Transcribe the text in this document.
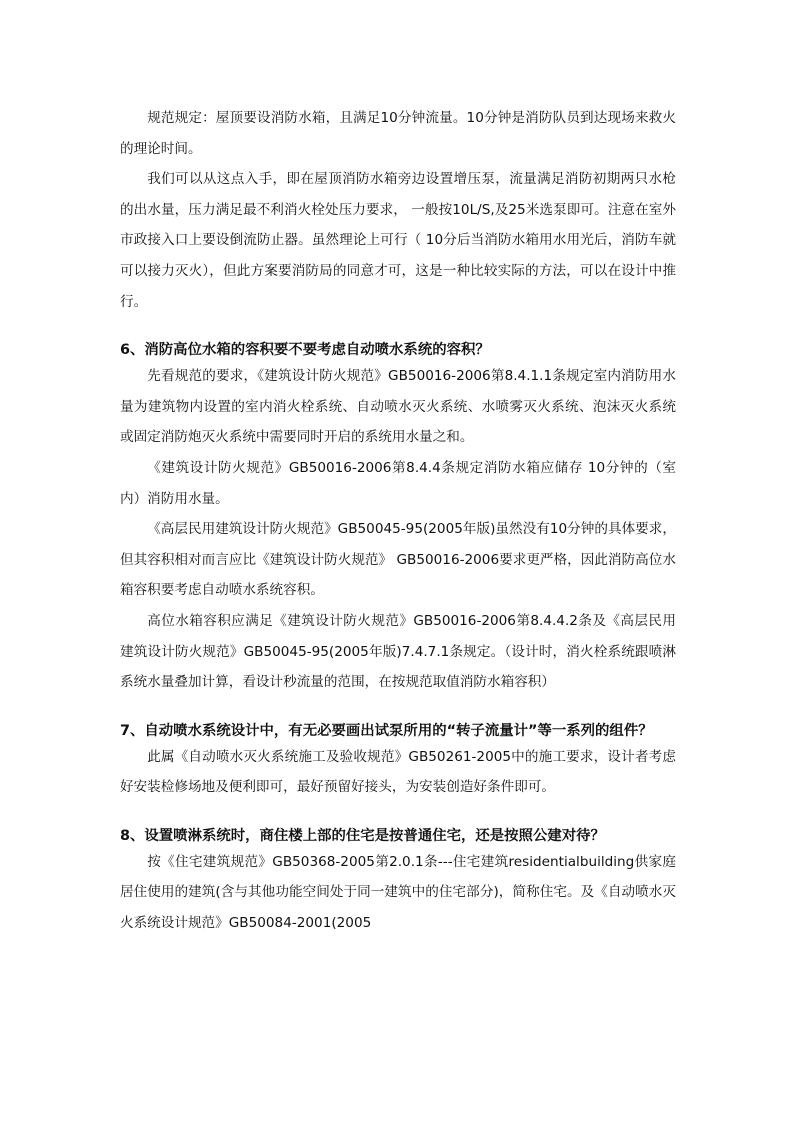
规范规定：屋顶要设消防水箱，且满足10分钟流量。10分钟是消防队员到达现场来救火的理论时间。

我们可以从这点入手，即在屋顶消防水箱旁边设置增压泵，流量满足消防初期两只水枪的出水量，压力满足最不利消火栓处压力要求， 一般按10L/S,及25米选泵即可。注意在室外市政接入口上要设倒流防止器。虽然理论上可行（ 10分后当消防水箱用水用光后，消防车就可以接力灭火），但此方案要消防局的同意才可，这是一种比较实际的方法，可以在设计中推行。

6、消防高位水箱的容积要不要考虑自动喷水系统的容积？

先看规范的要求，《建筑设计防火规范》GB50016-2006第8.4.1.1条规定室内消防用水量为建筑物内设置的室内消火栓系统、自动喷水灭火系统、水喷雾灭火系统、泡沫灭火系统或固定消防炮灭火系统中需要同时开启的系统用水量之和。

《建筑设计防火规范》GB50016-2006第8.4.4条规定消防水箱应储存 10分钟的（室内）消防用水量。

《高层民用建筑设计防火规范》GB50045-95(2005年版)虽然没有10分钟的具体要求，但其容积相对而言应比《建筑设计防火规范》 GB50016-2006要求更严格，因此消防高位水箱容积要考虑自动喷水系统容积。

高位水箱容积应满足《建筑设计防火规范》GB50016-2006第8.4.4.2条及《高层民用建筑设计防火规范》GB50045-95(2005年版)7.4.7.1条规定。（设计时，消火栓系统跟喷淋系统水量叠加计算，看设计秒流量的范围，在按规范取值消防水箱容积）

7、自动喷水系统设计中，有无必要画出试泵所用的“转子流量计”等一系列的组件？

此属《自动喷水灭火系统施工及验收规范》GB50261-2005中的施工要求，设计者考虑好安装检修场地及便利即可，最好预留好接头，为安装创造好条件即可。

8、设置喷淋系统时，商住楼上部的住宅是按普通住宅，还是按照公建对待？

按《住宅建筑规范》GB50368-2005第2.0.1条---住宅建筑residentialbuilding供家庭居住使用的建筑(含与其他功能空间处于同一建筑中的住宅部分)，简称住宅。及《自动喷水灭火系统设计规范》GB50084-2001(2005
